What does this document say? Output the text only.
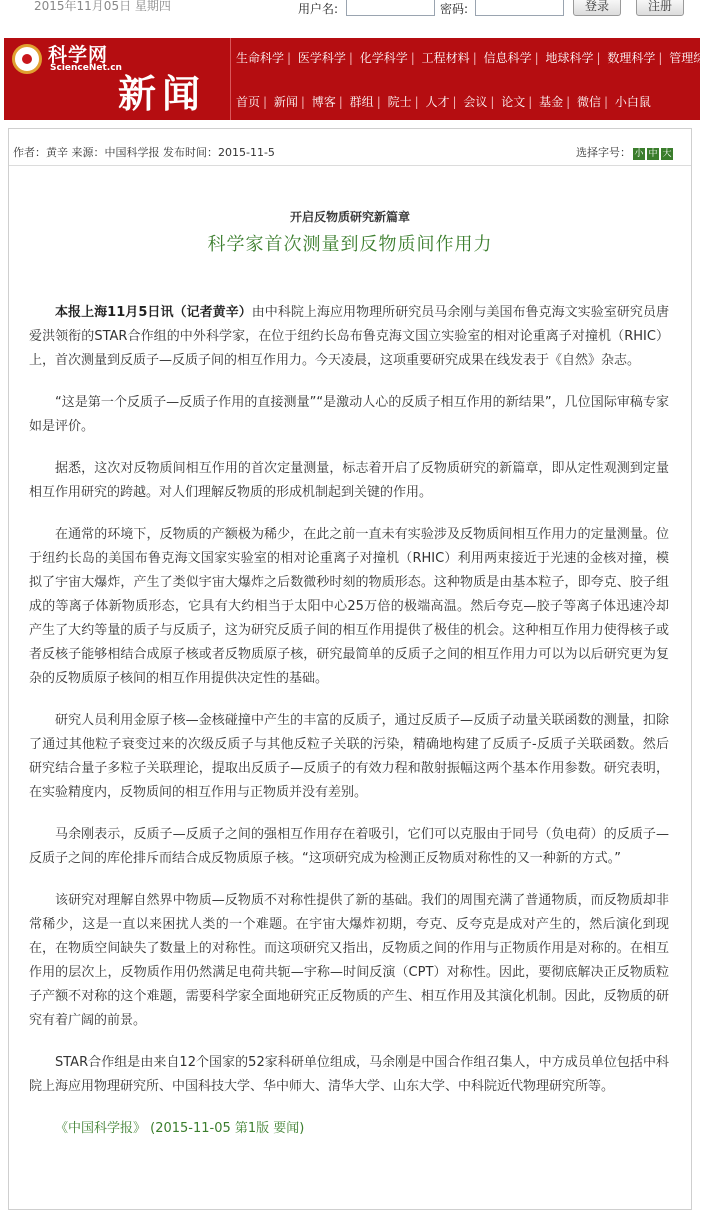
2015年11月05日 星期四	用户名:	密码:	登录	注册
科学网
ScienceNet.cn
新闻
生命科学 | 医学科学 | 化学科学 | 工程材料 | 信息科学 | 地球科学 | 数理科学 | 管理综合
首页 | 新闻 | 博客 | 群组 | 院士 | 人才 | 会议 | 论文 | 基金 | 微信 | 小白鼠
作者：黄辛 来源：中国科学报 发布时间：2015-11-5	选择字号： 小 中 大
开启反物质研究新篇章
科学家首次测量到反物质间作用力

本报上海11月5日讯（记者黄辛）由中科院上海应用物理所研究员马余刚与美国布鲁克海文实验室研究员唐爱洪领衔的STAR合作组的中外科学家，在位于纽约长岛布鲁克海文国立实验室的相对论重离子对撞机（RHIC）上，首次测量到反质子—反质子间的相互作用力。今天凌晨，这项重要研究成果在线发表于《自然》杂志。

“这是第一个反质子—反质子作用的直接测量”“是激动人心的反质子相互作用的新结果”，几位国际审稿专家如是评价。

据悉，这次对反物质间相互作用的首次定量测量，标志着开启了反物质研究的新篇章，即从定性观测到定量相互作用研究的跨越。对人们理解反物质的形成机制起到关键的作用。

在通常的环境下，反物质的产额极为稀少，在此之前一直未有实验涉及反物质间相互作用力的定量测量。位于纽约长岛的美国布鲁克海文国家实验室的相对论重离子对撞机（RHIC）利用两束接近于光速的金核对撞，模拟了宇宙大爆炸，产生了类似宇宙大爆炸之后数微秒时刻的物质形态。这种物质是由基本粒子，即夸克、胶子组成的等离子体新物质形态，它具有大约相当于太阳中心25万倍的极端高温。然后夸克—胶子等离子体迅速冷却产生了大约等量的质子与反质子，这为研究反质子间的相互作用提供了极佳的机会。这种相互作用力使得核子或者反核子能够相结合成原子核或者反物质原子核，研究最简单的反质子之间的相互作用力可以为以后研究更为复杂的反物质原子核间的相互作用提供决定性的基础。

研究人员利用金原子核—金核碰撞中产生的丰富的反质子，通过反质子—反质子动量关联函数的测量，扣除了通过其他粒子衰变过来的次级反质子与其他反粒子关联的污染，精确地构建了反质子-反质子关联函数。然后研究结合量子多粒子关联理论，提取出反质子—反质子的有效力程和散射振幅这两个基本作用参数。研究表明，在实验精度内，反物质间的相互作用与正物质并没有差别。

马余刚表示，反质子—反质子之间的强相互作用存在着吸引，它们可以克服由于同号（负电荷）的反质子—反质子之间的库伦排斥而结合成反物质原子核。“这项研究成为检测正反物质对称性的又一种新的方式。”

该研究对理解自然界中物质—反物质不对称性提供了新的基础。我们的周围充满了普通物质，而反物质却非常稀少，这是一直以来困扰人类的一个难题。在宇宙大爆炸初期，夸克、反夸克是成对产生的，然后演化到现在，在物质空间缺失了数量上的对称性。而这项研究又指出，反物质之间的作用与正物质作用是对称的。在相互作用的层次上，反物质作用仍然满足电荷共轭—宇称—时间反演（CPT）对称性。因此，要彻底解决正反物质粒子产额不对称的这个难题，需要科学家全面地研究正反物质的产生、相互作用及其演化机制。因此，反物质的研究有着广阔的前景。

STAR合作组是由来自12个国家的52家科研单位组成，马余刚是中国合作组召集人，中方成员单位包括中科院上海应用物理研究所、中国科技大学、华中师大、清华大学、山东大学、中科院近代物理研究所等。

《中国科学报》 (2015-11-05 第1版 要闻)
